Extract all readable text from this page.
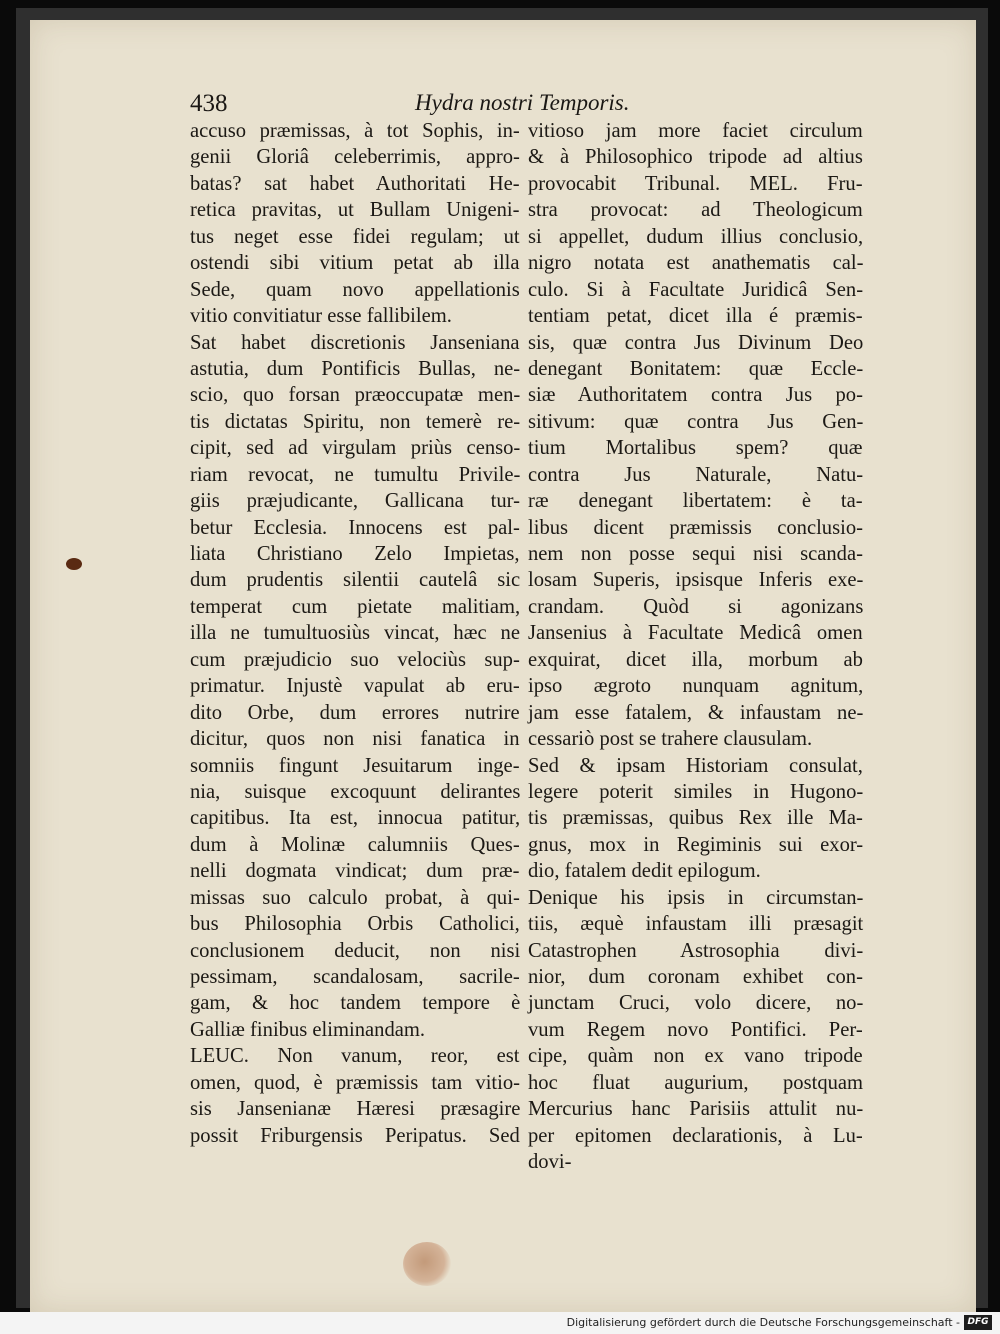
438	Hydra nostri Temporis.
accuso præmissas, à tot Sophis, in-
genii Gloriâ celeberrimis, appro-
batas? sat habet Authoritati He-
retica pravitas, ut Bullam Unigeni-
tus neget esse fidei regulam; ut
ostendi sibi vitium petat ab illa
Sede, quam novo appellationis
vitio convitiatur esse fallibilem.
Sat habet discretionis Janseniana
astutia, dum Pontificis Bullas, ne-
scio, quo forsan præoccupatæ men-
tis dictatas Spiritu, non temerè re-
cipit, sed ad virgulam priùs censo-
riam revocat, ne tumultu Privile-
giis præjudicante, Gallicana tur-
betur Ecclesia. Innocens est pal-
liata Christiano Zelo Impietas,
dum prudentis silentii cautelâ sic
temperat cum pietate malitiam,
illa ne tumultuosiùs vincat, hæc ne
cum præjudicio suo velociùs sup-
primatur. Injustè vapulat ab eru-
dito Orbe, dum errores nutrire
dicitur, quos non nisi fanatica in
somniis fingunt Jesuitarum inge-
nia, suisque excoquunt delirantes
capitibus. Ita est, innocua patitur,
dum à Molinæ calumniis Ques-
nelli dogmata vindicat; dum præ-
missas suo calculo probat, à qui-
bus Philosophia Orbis Catholici,
conclusionem deducit, non nisi
pessimam, scandalosam, sacrile-
gam, & hoc tandem tempore è
Galliæ finibus eliminandam.
LEUC. Non vanum, reor, est
omen, quod, è præmissis tam vitio-
sis Jansenianæ Hæresi præsagire
possit Friburgensis Peripatus. Sed
vitioso jam more faciet circulum
& à Philosophico tripode ad altius
provocabit Tribunal. MEL. Fru-
stra provocat: ad Theologicum
si appellet, dudum illius conclusio,
nigro notata est anathematis cal-
culo. Si à Facultate Juridicâ Sen-
tentiam petat, dicet illa é præmis-
sis, quæ contra Jus Divinum Deo
denegant Bonitatem: quæ Eccle-
siæ Authoritatem contra Jus po-
sitivum: quæ contra Jus Gen-
tium Mortalibus spem? quæ
contra Jus Naturale, Natu-
ræ denegant libertatem: è ta-
libus dicent præmissis conclusio-
nem non posse sequi nisi scanda-
losam Superis, ipsisque Inferis exe-
crandam. Quòd si agonizans
Jansenius à Facultate Medicâ omen
exquirat, dicet illa, morbum ab
ipso ægroto nunquam agnitum,
jam esse fatalem, & infaustam ne-
cessariò post se trahere clausulam.
Sed & ipsam Historiam consulat,
legere poterit similes in Hugono-
tis præmissas, quibus Rex ille Ma-
gnus, mox in Regiminis sui exor-
dio, fatalem dedit epilogum.
Denique his ipsis in circumstan-
tiis, æquè infaustam illi præsagit
Catastrophen Astrosophia divi-
nior, dum coronam exhibet con-
junctam Cruci, volo dicere, no-
vum Regem novo Pontifici. Per-
cipe, quàm non ex vano tripode
hoc fluat augurium, postquam
Mercurius hanc Parisiis attulit nu-
per epitomen declarationis, à Lu-
dovi-
Digitalisierung gefördert durch die Deutsche Forschungsgemeinschaft - DFG
